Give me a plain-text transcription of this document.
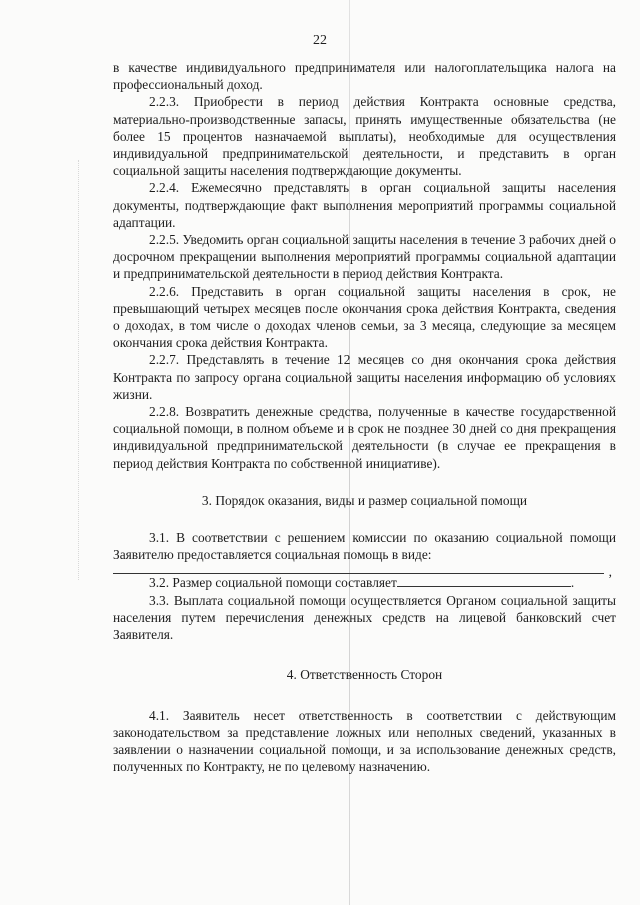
22

в качестве индивидуального предпринимателя или налогоплательщика налога на профессиональный доход.

2.2.3. Приобрести в период действия Контракта основные средства, материально-производственные запасы, принять имущественные обязательства (не более 15 процентов назначаемой выплаты), необходимые для осуществления индивидуальной предпринимательской деятельности, и представить в орган социальной защиты населения подтверждающие документы.

2.2.4. Ежемесячно представлять в орган социальной защиты населения документы, подтверждающие факт выполнения мероприятий программы социальной адаптации.

2.2.5. Уведомить орган социальной защиты населения в течение 3 рабочих дней о досрочном прекращении выполнения мероприятий программы социальной адаптации и предпринимательской деятельности в период действия Контракта.

2.2.6. Представить в орган социальной защиты населения в срок, не превышающий четырех месяцев после окончания срока действия Контракта, сведения о доходах, в том числе о доходах членов семьи, за 3 месяца, следующие за месяцем окончания срока действия Контракта.

2.2.7. Представлять в течение 12 месяцев со дня окончания срока действия Контракта по запросу органа социальной защиты населения информацию об условиях жизни.

2.2.8. Возвратить денежные средства, полученные в качестве государственной социальной помощи, в полном объеме и в срок не позднее 30 дней со дня прекращения индивидуальной предпринимательской деятельности (в случае ее прекращения в период действия Контракта по собственной инициативе).

3. Порядок оказания, виды и размер социальной помощи

3.1. В соответствии с решением комиссии по оказанию социальной помощи Заявителю предоставляется социальная помощь в виде:

,

3.2. Размер социальной помощи составляет	.

3.3. Выплата социальной помощи осуществляется Органом социальной защиты населения путем перечисления денежных средств на лицевой банковский счет Заявителя.

4. Ответственность Сторон

4.1. Заявитель несет ответственность в соответствии с действующим законодательством за представление ложных или неполных сведений, указанных в заявлении о назначении социальной помощи, и за использование денежных средств, полученных по Контракту, не по целевому назначению.
